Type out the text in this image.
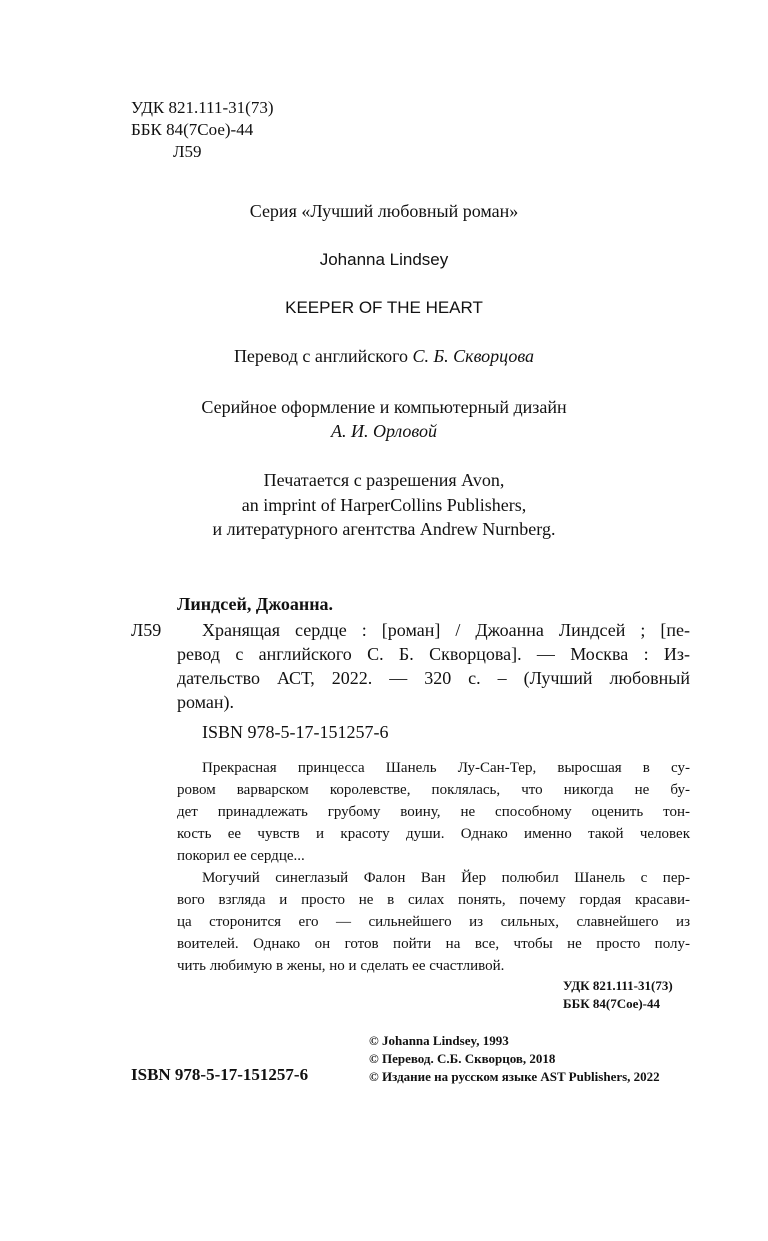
УДК 821.111-31(73)
ББК 84(7Сое)-44
Л59
Серия «Лучший любовный роман»
Johanna Lindsey
KEEPER OF THE HEART
Перевод с английского С. Б. Скворцова
Серийное оформление и компьютерный дизайн
А. И. Орловой
Печатается с разрешения Avon,
an imprint of HarperCollins Publishers,
и литературного агентства Andrew Nurnberg.
Линдсей, Джоанна.
Л59 Хранящая сердце : [роман] / Джоанна Линдсей ; [пе-
ревод с английского С. Б. Скворцова]. — Москва : Из-
дательство АСТ, 2022. — 320 с. – (Лучший любовный
роман).
ISBN 978-5-17-151257-6
Прекрасная принцесса Шанель Лу-Сан-Тер, выросшая в су-
ровом варварском королевстве, поклялась, что никогда не бу-
дет принадлежать грубому воину, не способному оценить тон-
кость ее чувств и красоту души. Однако именно такой человек
покорил ее сердце...
Могучий синеглазый Фалон Ван Йер полюбил Шанель с пер-
вого взгляда и просто не в силах понять, почему гордая красави-
ца сторонится его — сильнейшего из сильных, славнейшего из
воителей. Однако он готов пойти на все, чтобы не просто полу-
чить любимую в жены, но и сделать ее счастливой.
УДК 821.111-31(73)
ББК 84(7Сое)-44
ISBN 978-5-17-151257-6
© Johanna Lindsey, 1993
© Перевод. С.Б. Скворцов, 2018
© Издание на русском языке AST Publishers, 2022
